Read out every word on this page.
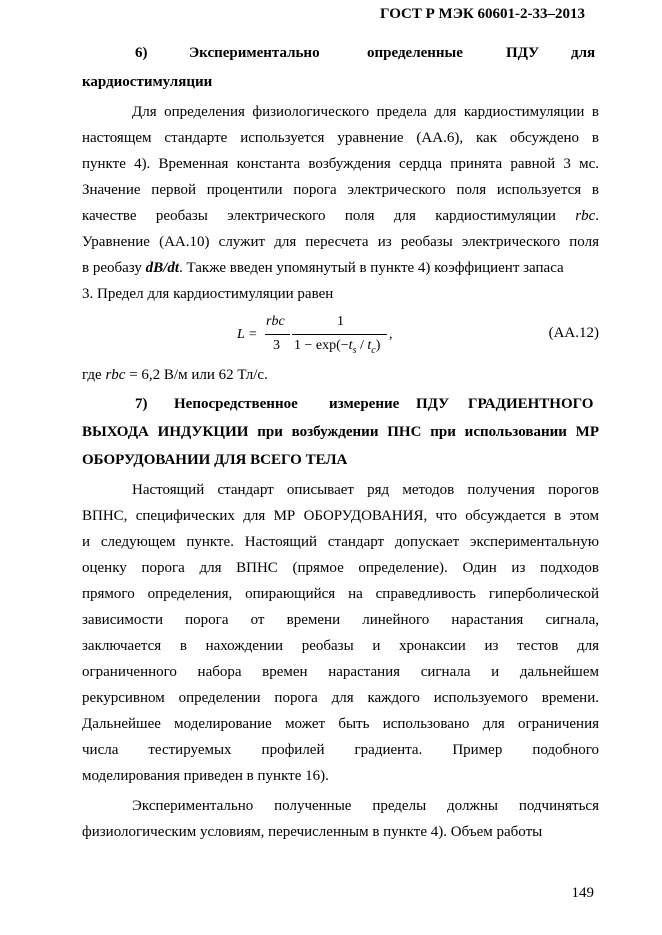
ГОСТ Р МЭК 60601-2-33–2013
6)	Экспериментально	определенные	ПДУ для
кардиостимуляции
Для определения физиологического предела для кардиостимуляции в
настоящем стандарте используется уравнение (АА.6), как обсуждено в
пункте 4). Временная константа возбуждения сердца принята равной 3 мс.
Значение первой процентили порога электрического поля используется в
качестве реобазы электрического поля для кардиостимуляции rbc.
Уравнение (АА.10) служит для пересчета из реобазы электрического поля
в реобазу dB/dt. Также введен упомянутый в пункте 4) коэффициент запаса
3. Предел для кардиостимуляции равен
L =
rbc
3
1
$1 - \exp(-t_s / t_c)$
,	(АА.12)
где rbc = 6,2 В/м или 62 Тл/с.
7) Непосредственное измерение ПДУ ГРАДИЕНТНОГО
ВЫХОДА ИНДУКЦИИ при возбуждении ПНС при использовании МР
ОБОРУДОВАНИИ ДЛЯ ВСЕГО ТЕЛА
Настоящий стандарт описывает ряд методов получения порогов
ВПНС, специфических для МР ОБОРУДОВАНИЯ, что обсуждается в этом
и следующем пункте. Настоящий стандарт допускает экспериментальную
оценку порога для ВПНС (прямое определение). Один из подходов
прямого определения, опирающийся на справедливость гиперболической
зависимости порога от времени линейного нарастания сигнала,
заключается в нахождении реобазы и хронаксии из тестов для
ограниченного набора времен нарастания сигнала и дальнейшем
рекурсивном определении порога для каждого используемого времени.
Дальнейшее моделирование может быть использовано для ограничения
числа тестируемых профилей градиента. Пример подобного
моделирования приведен в пункте 16).
Экспериментально полученные пределы должны подчиняться
физиологическим условиям, перечисленным в пункте 4). Объем работы
149
